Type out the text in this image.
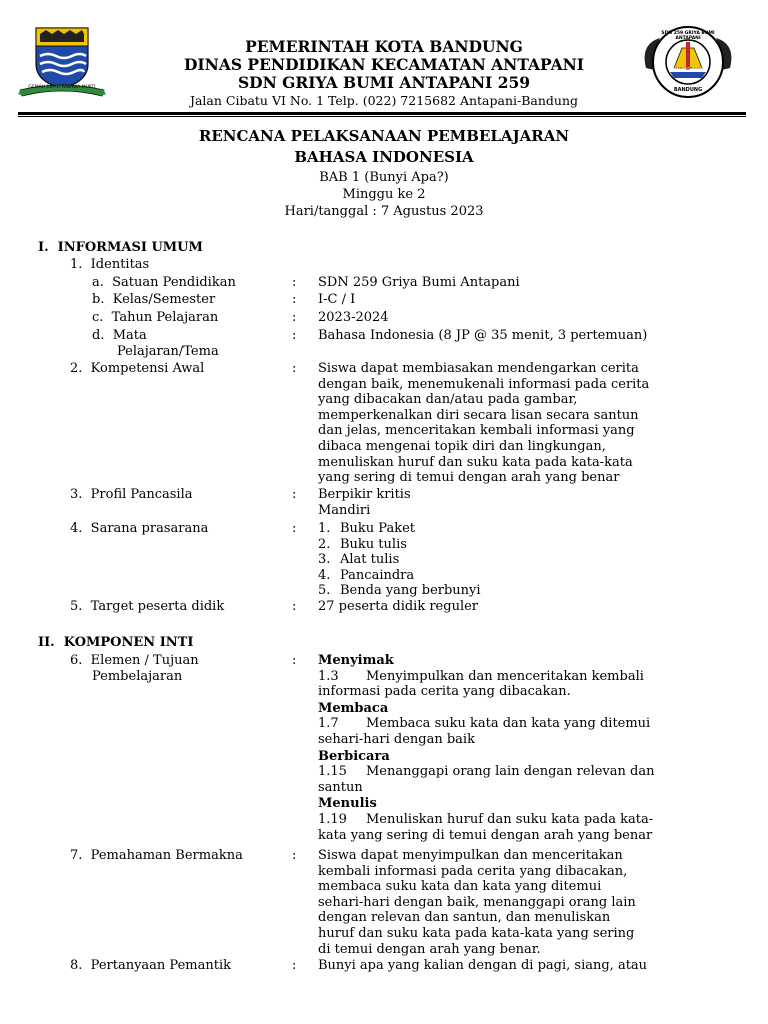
GEMAH RIPAH WIBAWA MUKTI
SDN 259 GRIBA
SDN 259 GRIYA BUMI ANTAPANI
BANDUNG
PEMERINTAH KOTA BANDUNG
DINAS PENDIDIKAN KECAMATAN ANTAPANI
SDN GRIYA BUMI ANTAPANI 259
Jalan Cibatu VI No. 1 Telp. (022) 7215682 Antapani-Bandung
RENCANA PELAKSANAAN PEMBELAJARAN
BAHASA INDONESIA
BAB 1 (Bunyi Apa?)
Minggu ke 2
Hari/tanggal : 7 Agustus 2023
I.  INFORMASI UMUM
1.  Identitas
a.  Satuan Pendidikan	: SDN 259 Griya Bumi Antapani
b.  Kelas/Semester	: I-C / I
c.  Tahun Pelajaran	: 2023-2024
d.  Mata
Pelajaran/Tema
: Bahasa Indonesia (8 JP @ 35 menit, 3 pertemuan)
2.  Kompetensi Awal	: Siswa dapat membiasakan mendengarkan cerita
dengan baik, menemukenali informasi pada cerita
yang dibacakan dan/atau pada gambar,
memperkenalkan diri secara lisan secara santun
dan jelas, menceritakan kembali informasi yang
dibaca mengenai topik diri dan lingkungan,
menuliskan huruf dan suku kata pada kata-kata
yang sering di temui dengan arah yang benar
3.  Profil Pancasila	: Berpikir kritis
Mandiri
4.  Sarana prasarana	: 1. Buku Paket
2. Buku tulis
3. Alat tulis
4. Pancaindra
5. Benda yang berbunyi
5.  Target peserta didik	: 27 peserta didik reguler
II.  KOMPONEN INTI
6.  Elemen / Tujuan
Pembelajaran
: Menyimak
1.3 Menyimpulkan dan menceritakan kembali
informasi pada cerita yang dibacakan.
Membaca
1.7 Membaca suku kata dan kata yang ditemui
sehari-hari dengan baik
Berbicara
1.15 Menanggapi orang lain dengan relevan dan
santun
Menulis
1.19 Menuliskan huruf dan suku kata pada kata-
kata yang sering di temui dengan arah yang benar
7.  Pemahaman Bermakna	: Siswa dapat menyimpulkan dan menceritakan
kembali informasi pada cerita yang dibacakan,
membaca suku kata dan kata yang ditemui
sehari-hari dengan baik, menanggapi orang lain
dengan relevan dan santun, dan menuliskan
huruf dan suku kata pada kata-kata yang sering
di temui dengan arah yang benar.
8.  Pertanyaan Pemantik	: Bunyi apa yang kalian dengan di pagi, siang, atau
